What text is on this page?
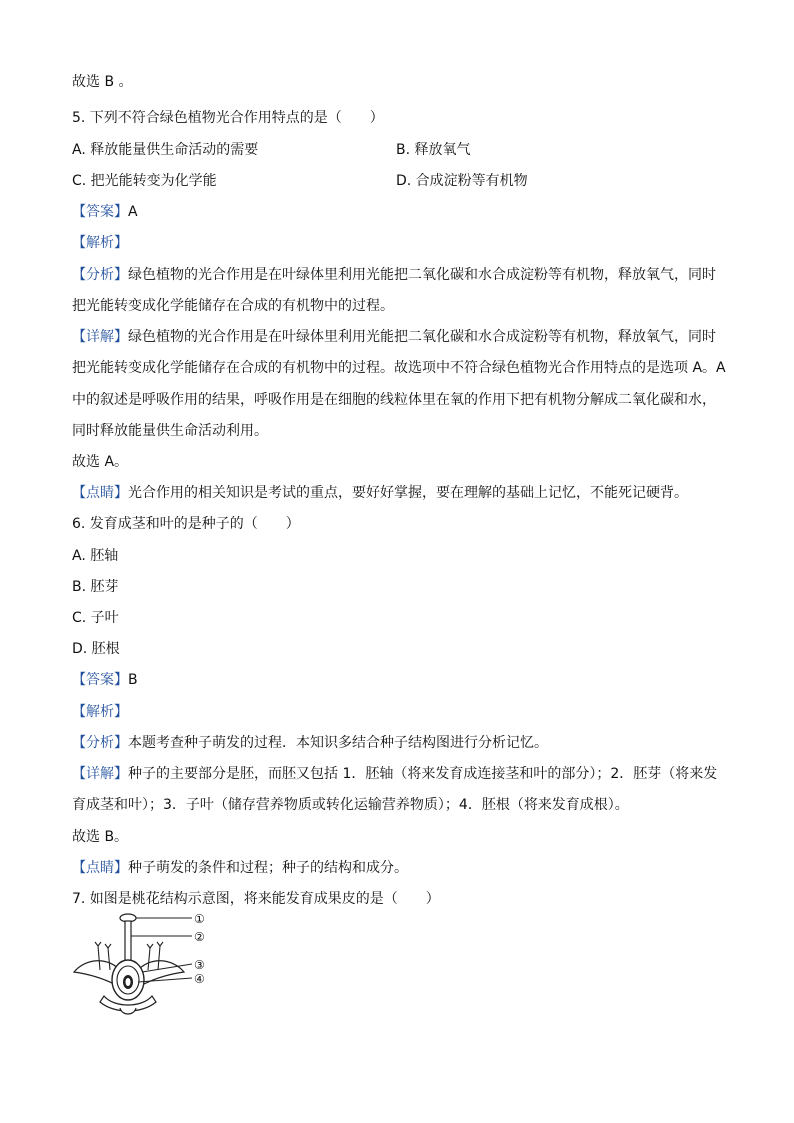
故选 B 。
5. 下列不符合绿色植物光合作用特点的是（　　）
A. 释放能量供生命活动的需要	B. 释放氧气
C. 把光能转变为化学能	D. 合成淀粉等有机物
【答案】A
【解析】
【分析】绿色植物的光合作用是在叶绿体里利用光能把二氧化碳和水合成淀粉等有机物，释放氧气，同时
把光能转变成化学能储存在合成的有机物中的过程。
【详解】绿色植物的光合作用是在叶绿体里利用光能把二氧化碳和水合成淀粉等有机物，释放氧气，同时
把光能转变成化学能储存在合成的有机物中的过程。故选项中不符合绿色植物光合作用特点的是选项 A。A
中的叙述是呼吸作用的结果，呼吸作用是在细胞的线粒体里在氧的作用下把有机物分解成二氧化碳和水，
同时释放能量供生命活动利用。
故选 A。
【点睛】光合作用的相关知识是考试的重点，要好好掌握，要在理解的基础上记忆，不能死记硬背。
6. 发育成茎和叶的是种子的（　　）
A. 胚轴
B. 胚芽
C. 子叶
D. 胚根
【答案】B
【解析】
【分析】本题考查种子萌发的过程．本知识多结合种子结构图进行分析记忆。
【详解】种子的主要部分是胚，而胚又包括 1．胚轴（将来发育成连接茎和叶的部分）；2．胚芽（将来发
育成茎和叶）；3．子叶（储存营养物质或转化运输营养物质）；4．胚根（将来发育成根）。
故选 B。
【点睛】种子萌发的条件和过程；种子的结构和成分。
7. 如图是桃花结构示意图，将来能发育成果皮的是（　　）
①
②
③
④
